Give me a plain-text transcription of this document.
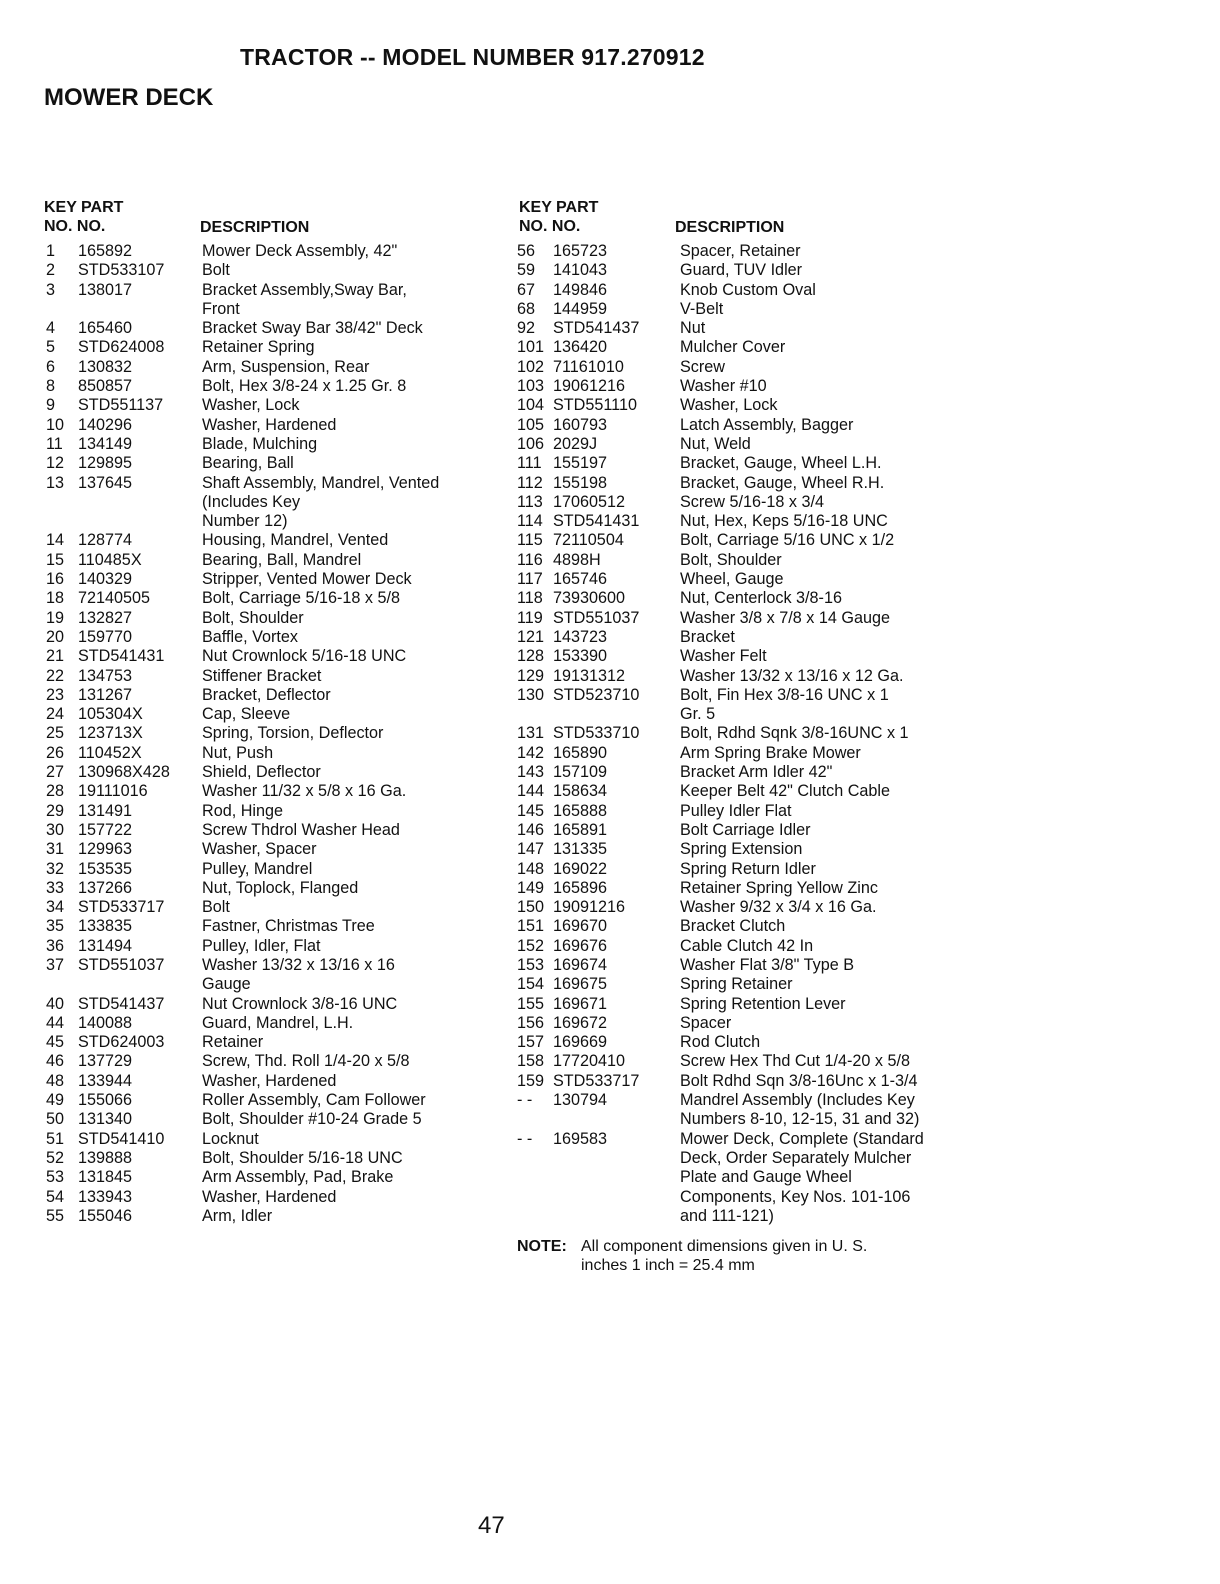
TRACTOR -- MODEL NUMBER 917.270912
MOWER DECK
KEY PART
NO. NO.	DESCRIPTION
1	165892	Mower Deck Assembly, 42"
2	STD533107	Bolt
3	138017	Bracket Assembly,Sway Bar,
Front
4	165460	Bracket Sway Bar 38/42" Deck
5	STD624008	Retainer Spring
6	130832	Arm, Suspension, Rear
8	850857	Bolt, Hex 3/8-24 x 1.25 Gr. 8
9	STD551137	Washer, Lock
10 140296	Washer, Hardened
11 134149	Blade, Mulching
12 129895	Bearing, Ball
13 137645	Shaft Assembly, Mandrel, Vented
(Includes Key
Number 12)
14 128774	Housing, Mandrel, Vented
15 110485X	Bearing, Ball, Mandrel
16 140329	Stripper, Vented Mower Deck
18 72140505	Bolt, Carriage 5/16-18 x 5/8
19 132827	Bolt, Shoulder
20 159770	Baffle, Vortex
21 STD541431	Nut Crownlock 5/16-18 UNC
22 134753	Stiffener Bracket
23 131267	Bracket, Deflector
24 105304X	Cap, Sleeve
25 123713X	Spring, Torsion, Deflector
26 110452X	Nut, Push
27 130968X428	Shield, Deflector
28 19111016	Washer 11/32 x 5/8 x 16 Ga.
29 131491	Rod, Hinge
30 157722	Screw Thdrol Washer Head
31 129963	Washer, Spacer
32 153535	Pulley, Mandrel
33 137266	Nut, Toplock, Flanged
34 STD533717	Bolt
35 133835	Fastner, Christmas Tree
36 131494	Pulley, Idler, Flat
37 STD551037	Washer 13/32 x 13/16 x 16
Gauge
40 STD541437	Nut Crownlock 3/8-16 UNC
44 140088	Guard, Mandrel, L.H.
45 STD624003	Retainer
46 137729	Screw, Thd. Roll 1/4-20 x 5/8
48 133944	Washer, Hardened
49 155066	Roller Assembly, Cam Follower
50 131340	Bolt, Shoulder #10-24 Grade 5
51 STD541410	Locknut
52 139888	Bolt, Shoulder 5/16-18 UNC
53 131845	Arm Assembly, Pad, Brake
54 133943	Washer, Hardened
55 155046	Arm, Idler
KEY PART
NO. NO.	DESCRIPTION
56	165723	Spacer, Retainer
59	141043	Guard, TUV Idler
67	149846	Knob Custom Oval
68	144959	V-Belt
92	STD541437	Nut
101 136420	Mulcher Cover
102 71161010	Screw
103 19061216	Washer #10
104 STD551110	Washer, Lock
105 160793	Latch Assembly, Bagger
106 2029J	Nut, Weld
111 155197	Bracket, Gauge, Wheel L.H.
112 155198	Bracket, Gauge, Wheel R.H.
113 17060512	Screw 5/16-18 x 3/4
114 STD541431	Nut, Hex, Keps 5/16-18 UNC
115 72110504	Bolt, Carriage 5/16 UNC x 1/2
116 4898H	Bolt, Shoulder
117 165746	Wheel, Gauge
118 73930600	Nut, Centerlock 3/8-16
119 STD551037	Washer 3/8 x 7/8 x 14 Gauge
121 143723	Bracket
128 153390	Washer Felt
129 19131312	Washer 13/32 x 13/16 x 12 Ga.
130 STD523710	Bolt, Fin Hex 3/8-16 UNC x 1
Gr. 5
131 STD533710	Bolt, Rdhd Sqnk 3/8-16UNC x 1
142 165890	Arm Spring Brake Mower
143 157109	Bracket Arm Idler 42"
144 158634	Keeper Belt 42" Clutch Cable
145 165888	Pulley Idler Flat
146 165891	Bolt Carriage Idler
147 131335	Spring Extension
148 169022	Spring Return Idler
149 165896	Retainer Spring Yellow Zinc
150 19091216	Washer 9/32 x 3/4 x 16 Ga.
151 169670	Bracket Clutch
152 169676	Cable Clutch 42 In
153 169674	Washer Flat 3/8" Type B
154 169675	Spring Retainer
155 169671	Spring Retention Lever
156 169672	Spacer
157 169669	Rod Clutch
158 17720410	Screw Hex Thd Cut 1/4-20 x 5/8
159 STD533717	Bolt Rdhd Sqn 3/8-16Unc x 1-3/4
- -	130794	Mandrel Assembly (Includes Key
Numbers 8-10, 12-15, 31 and 32)
- -	169583	Mower Deck, Complete (Standard
Deck, Order Separately Mulcher
Plate and Gauge Wheel
Components, Key Nos. 101-106
and 111-121)
NOTE: All component dimensions given in U. S.
inches 1 inch = 25.4 mm
47
